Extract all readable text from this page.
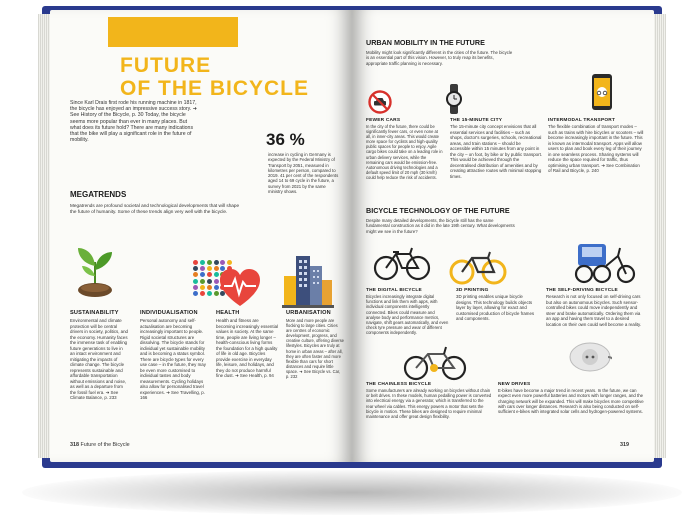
FUTURE
OF THE BICYCLE
Since Karl Drais first rode his running machine in 1817, the bicycle has enjoyed an impressive success story. ➜ See History of the Bicycle, p. 30 Today, the bicycle seems more popular than ever in many places. But what does its future hold? There are many indications that the bike will play a significant role in the future of mobility.	36 %
increase in cycling in Germany is expected by the Federal Ministry of Transport by 2051, measured in kilometres per person, compared to 2019. 41 per cent of the respondents aged 14 to 69 cycle in the future, a survey from 2021 by the same ministry shows.
MEGATRENDS
Megatrends are profound societal and technological developments that will shape the future of humanity. Some of these trends align very well with the bicycle.
SUSTAINABILITY
Environmental and climate protection will be central drivers in society, politics, and the economy. Humanity faces the immense task of enabling future generations to live in an intact environment and mitigating the impacts of climate change. The bicycle represents sustainable and affordable transportation without emissions and noise, as well as a departure from the fossil fuel era. ➜ See Climate Balance, p. 233
INDIVIDUALISATION
Personal autonomy and self-actualisation are becoming increasingly important to people. Rigid societal structures are dissolving. The bicycle stands for individual yet sustainable mobility and is becoming a status symbol. There are bicycle types for every use case – in the future, they may be even more customised to individual tastes and body measurements. Cycling holidays also allow for personalised travel experiences. ➜ See Travelling, p. 166
HEALTH
Health and fitness are becoming increasingly essential values in society. At the same time, people are living longer – health-conscious living forms the foundation for a high quality of life in old age. Bicycles provide exercise in everyday life, leisure, and holidays, and they do not produce harmful fine dust. ➜ See Health, p. 94
URBANISATION
More and more people are flocking to large cities. Cities are centres of economic development, progress, and creative culture, offering diverse lifestyles. Bicycles are truly at home in urban areas – after all, they are often faster and more flexible than cars for short distances and require little space. ➜ See Bicycle vs. Car, p. 232
318 Future of the Bicycle
URBAN MOBILITY IN THE FUTURE
Mobility might look significantly different in the cities of the future. The bicycle is an essential part of this vision. However, to truly reap its benefits, appropriate traffic planning is necessary.
FEWER CARS
In the city of the future, there could be significantly fewer cars, or even none at all, in inner-city areas. This would create more space for cyclists and high-quality public spaces for people to enjoy. Agile cargo bikes could take on a leading role in urban delivery services, while the remaining cars would be emission-free. Autonomous driving technologies and a default speed limit of 20 mph (30 km/h) could help reduce the risk of accidents.
THE 15-MINUTE CITY
The 15-minute city concept envisions that all essential services and facilities – such as shops, doctor's surgeries, schools, recreational areas, and train stations – should be accessible within 15 minutes from any point in the city – on foot, by bike or by public transport. This would be achieved through the decentralised distribution of amenities and by creating attractive routes with minimal stopping times.
INTERMODAL TRANSPORT
The flexible combination of transport modes – such as trains with hire bicycles or scooters – will become increasingly important in the future. This is known as intermodal transport. Apps will allow users to plan and book every leg of their journey in one seamless process. Sharing systems will reduce the space required for traffic, thus optimising urban transport. ➜ See Combination of Rail and Bicycle, p. 240
BICYCLE TECHNOLOGY OF THE FUTURE
Despite many detailed developments, the bicycle still has the same fundamental construction as it did in the late 19th century. What developments might we see in the future?
THE DIGITAL BICYCLE
Bicycles increasingly integrate digital functions and link them with apps, with individual components intelligently connected. Bikes could measure and analyse body and performance metrics, navigate, shift gears automatically, and even check tyre pressure and wear of different components independently.
3D PRINTING
3D printing enables unique bicycle designs. This technology builds objects layer by layer, allowing for exact and customised production of bicycle frames and components.
THE SELF-DRIVING BICYCLE
Research is not only focused on self-driving cars but also on autonomous bicycles. Such sensor-controlled bikes could move independently and steer and brake automatically. Ordering them via an app and having them travel to a desired location on their own could well become a reality.
THE CHAINLESS BICYCLE
Some manufacturers are already working on bicycles without chain or belt drives. In these models, human pedalling power is converted into electrical energy via a generator, which is transferred to the rear wheel via cables. This energy powers a motor that sets the bicycle in motion. These bikes are designed to require minimal maintenance and offer great design flexibility.
NEW DRIVES
E-bikes have become a major trend in recent years. In the future, we can expect even more powerful batteries and motors with longer ranges, and the charging network will be expanded. This will make bicycles more competitive with cars over longer distances. Research is also being conducted on self-sufficient e-bikes with integrated solar cells and hydrogen-powered systems.
319
